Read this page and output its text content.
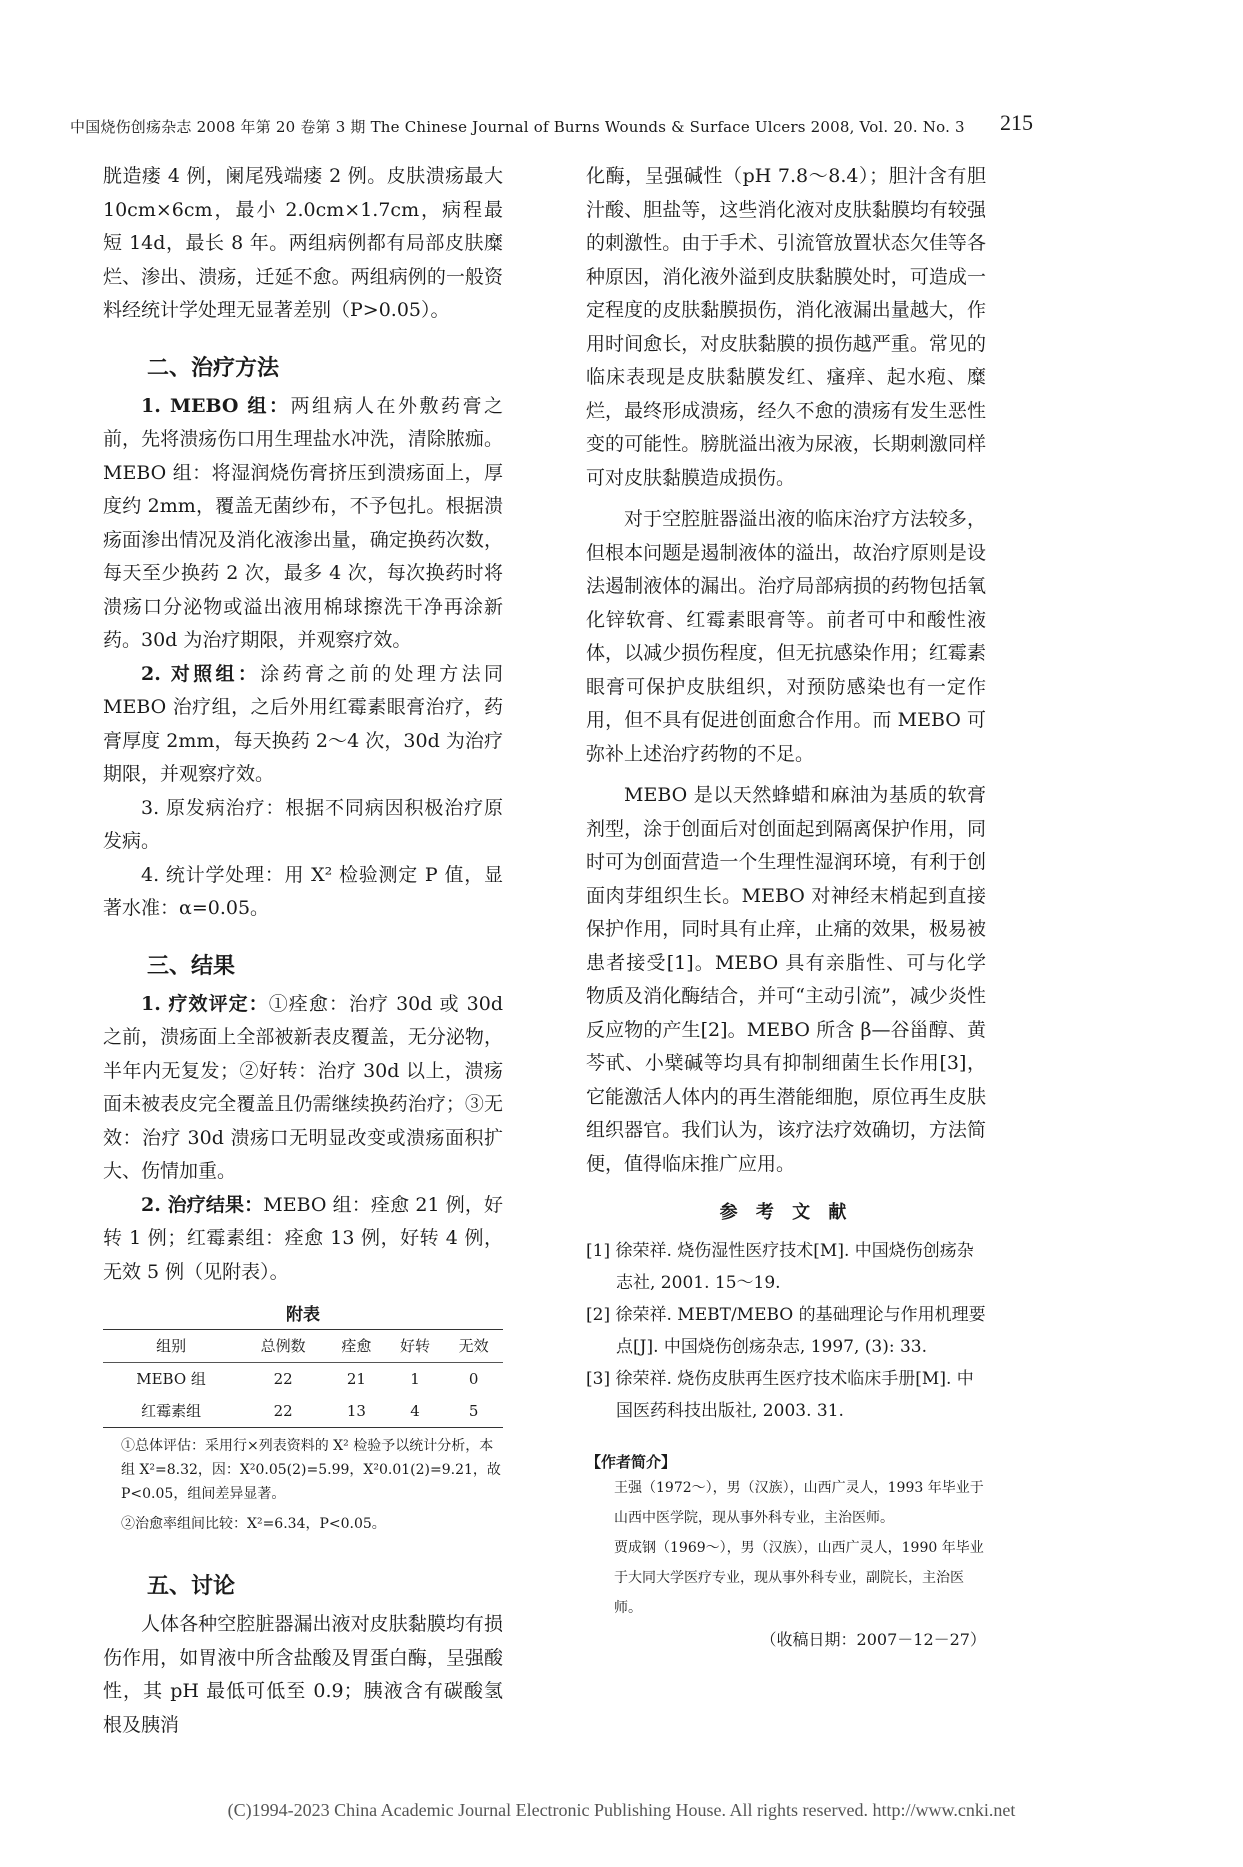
中国烧伤创疡杂志 2008 年第 20 卷第 3 期 The Chinese Journal of Burns Wounds & Surface Ulcers 2008, Vol. 20. No. 3	215

胱造瘘 4 例，阑尾残端瘘 2 例。皮肤溃疡最大 10cm×6cm，最小 2.0cm×1.7cm，病程最短 14d，最长 8 年。两组病例都有局部皮肤糜烂、渗出、溃疡，迁延不愈。两组病例的一般资料经统计学处理无显著差别（P>0.05）。

二、治疗方法

1. MEBO 组：两组病人在外敷药膏之前，先将溃疡伤口用生理盐水冲洗，清除脓痂。MEBO 组：将湿润烧伤膏挤压到溃疡面上，厚度约 2mm，覆盖无菌纱布，不予包扎。根据溃疡面渗出情况及消化液渗出量，确定换药次数，每天至少换药 2 次，最多 4 次，每次换药时将溃疡口分泌物或溢出液用棉球擦洗干净再涂新药。30d 为治疗期限，并观察疗效。

2. 对照组：涂药膏之前的处理方法同 MEBO 治疗组，之后外用红霉素眼膏治疗，药膏厚度 2mm，每天换药 2～4 次，30d 为治疗期限，并观察疗效。

3. 原发病治疗：根据不同病因积极治疗原发病。

4. 统计学处理：用 X² 检验测定 P 值，显著水准：α=0.05。

三、结果

1. 疗效评定：①痊愈：治疗 30d 或 30d 之前，溃疡面上全部被新表皮覆盖，无分泌物，半年内无复发；②好转：治疗 30d 以上，溃疡面未被表皮完全覆盖且仍需继续换药治疗；③无效：治疗 30d 溃疡口无明显改变或溃疡面积扩大、伤情加重。

2. 治疗结果：MEBO 组：痊愈 21 例，好转 1 例；红霉素组：痊愈 13 例，好转 4 例，无效 5 例（见附表）。

附表
组别	总例数	痊愈	好转	无效
MEBO 组	22	21	1	0
红霉素组	22	13	4	5

①总体评估：采用行×列表资料的 X² 检验予以统计分析，本组 X²=8.32，因：X²0.05(2)=5.99，X²0.01(2)=9.21，故 P<0.05，组间差异显著。

②治愈率组间比较：X²=6.34，P<0.05。

五、讨论

人体各种空腔脏器漏出液对皮肤黏膜均有损伤作用，如胃液中所含盐酸及胃蛋白酶，呈强酸性，其 pH 最低可低至 0.9；胰液含有碳酸氢根及胰消

化酶，呈强碱性（pH 7.8～8.4）；胆汁含有胆汁酸、胆盐等，这些消化液对皮肤黏膜均有较强的刺激性。由于手术、引流管放置状态欠佳等各种原因，消化液外溢到皮肤黏膜处时，可造成一定程度的皮肤黏膜损伤，消化液漏出量越大，作用时间愈长，对皮肤黏膜的损伤越严重。常见的临床表现是皮肤黏膜发红、瘙痒、起水疱、糜烂，最终形成溃疡，经久不愈的溃疡有发生恶性变的可能性。膀胱溢出液为尿液，长期刺激同样可对皮肤黏膜造成损伤。

对于空腔脏器溢出液的临床治疗方法较多，但根本问题是遏制液体的溢出，故治疗原则是设法遏制液体的漏出。治疗局部病损的药物包括氧化锌软膏、红霉素眼膏等。前者可中和酸性液体，以减少损伤程度，但无抗感染作用；红霉素眼膏可保护皮肤组织，对预防感染也有一定作用，但不具有促进创面愈合作用。而 MEBO 可弥补上述治疗药物的不足。

MEBO 是以天然蜂蜡和麻油为基质的软膏剂型，涂于创面后对创面起到隔离保护作用，同时可为创面营造一个生理性湿润环境，有利于创面肉芽组织生长。MEBO 对神经末梢起到直接保护作用，同时具有止痒，止痛的效果，极易被患者接受[1]。MEBO 具有亲脂性、可与化学物质及消化酶结合，并可“主动引流”，减少炎性反应物的产生[2]。MEBO 所含 β—谷甾醇、黄芩甙、小檗碱等均具有抑制细菌生长作用[3]，它能激活人体内的再生潜能细胞，原位再生皮肤组织器官。我们认为，该疗法疗效确切，方法简便，值得临床推广应用。

参 考 文 献

[1] 徐荣祥. 烧伤湿性医疗技术[M]. 中国烧伤创疡杂志社, 2001. 15～19.

[2] 徐荣祥. MEBT/MEBO 的基础理论与作用机理要点[J]. 中国烧伤创疡杂志, 1997, (3): 33.

[3] 徐荣祥. 烧伤皮肤再生医疗技术临床手册[M]. 中国医药科技出版社, 2003. 31.

【作者简介】

王强（1972～），男（汉族），山西广灵人，1993 年毕业于山西中医学院，现从事外科专业，主治医师。

贾成钢（1969～），男（汉族），山西广灵人，1990 年毕业于大同大学医疗专业，现从事外科专业，副院长，主治医师。

（收稿日期：2007－12－27）

(C)1994-2023 China Academic Journal Electronic Publishing House. All rights reserved. http://www.cnki.net
